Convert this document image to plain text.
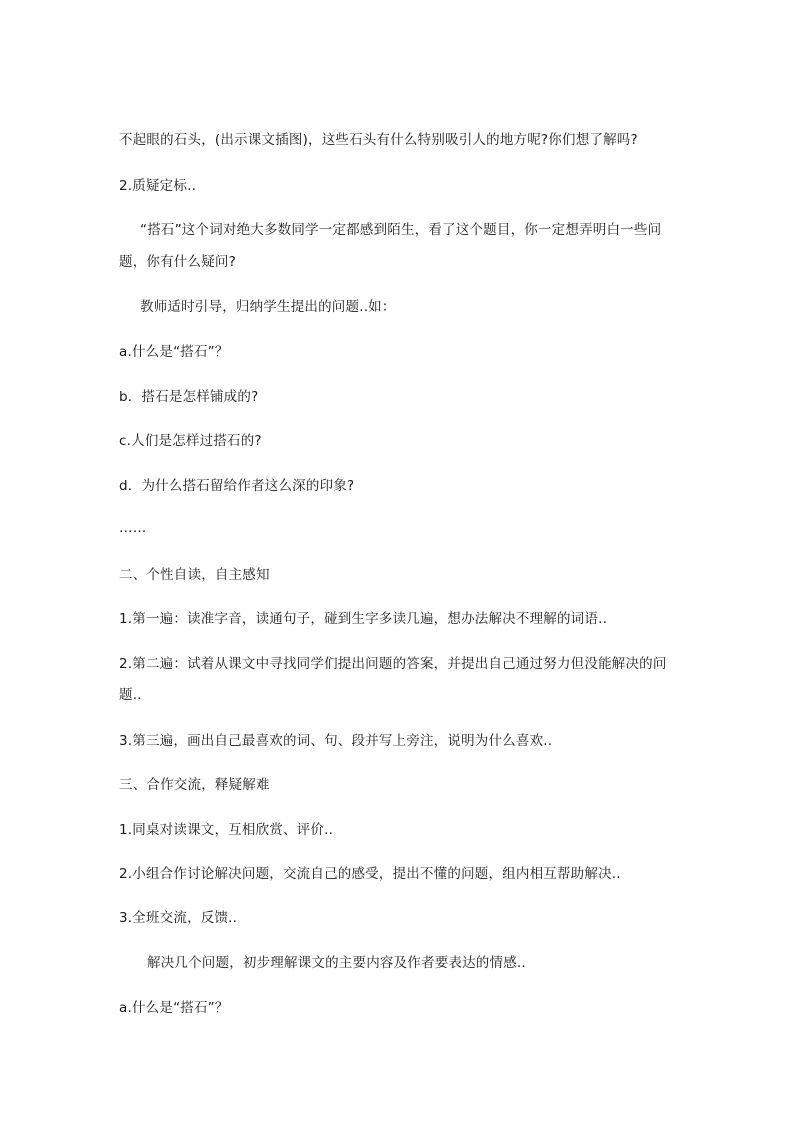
不起眼的石头，(出示课文插图)，这些石头有什么特别吸引人的地方呢?你们想了解吗?
2.质疑定标..
“搭石”这个词对绝大多数同学一定都感到陌生，看了这个题目，你一定想弄明白一些问
题，你有什么疑问?
教师适时引导，归纳学生提出的问题..如：
a.什么是“搭石”？
b．搭石是怎样铺成的?
c.人们是怎样过搭石的?
d．为什么搭石留给作者这么深的印象?
……
二、个性自读，自主感知
1.第一遍：读准字音，读通句子，碰到生字多读几遍，想办法解决不理解的词语..
2.第二遍：试着从课文中寻找同学们提出问题的答案，并提出自己通过努力但没能解决的问
题..
3.第三遍，画出自己最喜欢的词、句、段并写上旁注，说明为什么喜欢..
三、合作交流，释疑解难
1.同桌对读课文，互相欣赏、评价..
2.小组合作讨论解决问题，交流自己的感受，提出不懂的问题，组内相互帮助解决..
3.全班交流，反馈..
解决几个问题，初步理解课文的主要内容及作者要表达的情感..
a.什么是“搭石”？
